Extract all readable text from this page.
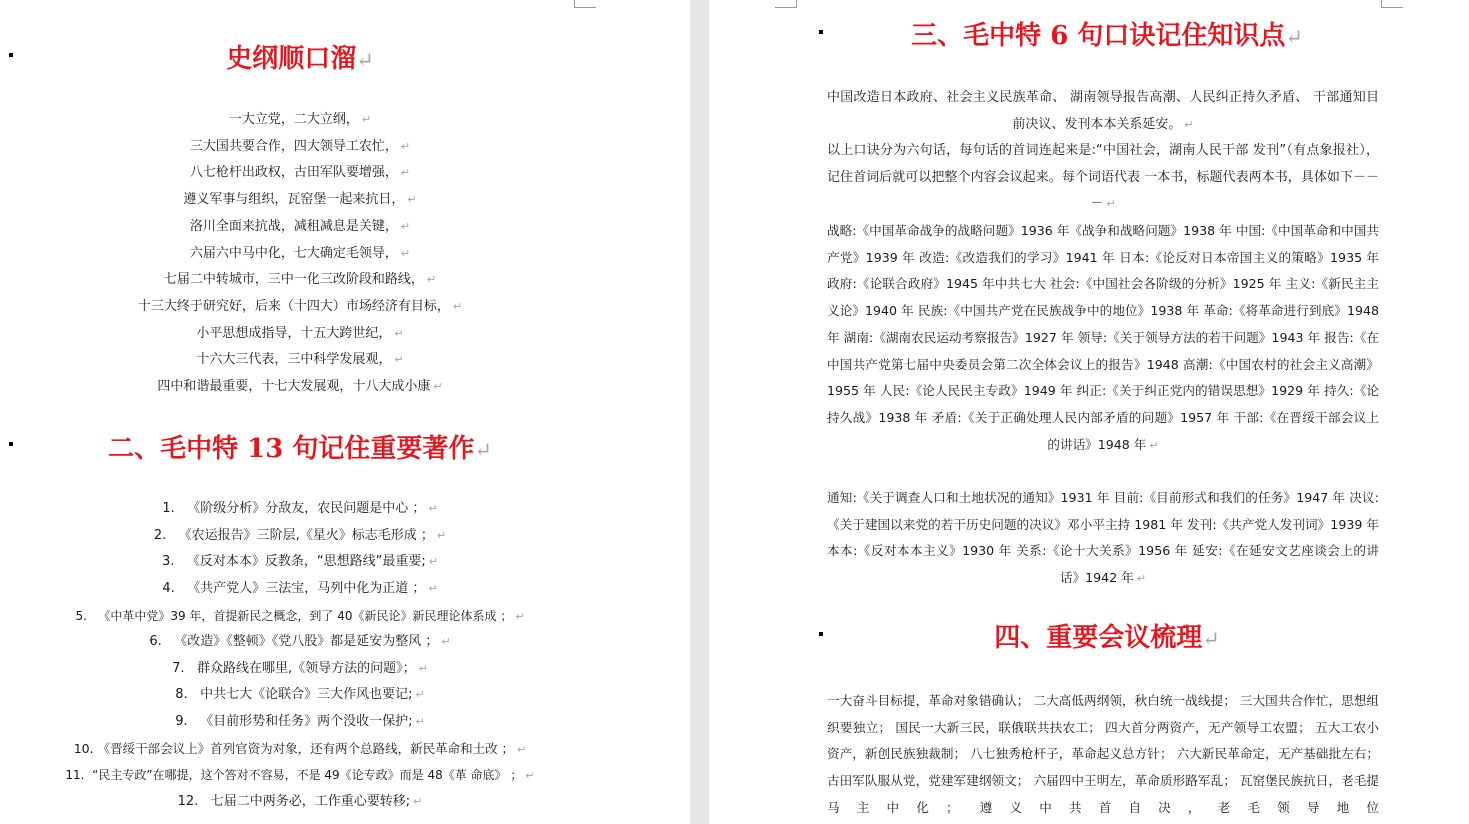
史纲顺口溜↵

一大立党，二大立纲， ↵

三大国共要合作，四大领导工农忙， ↵

八七枪杆出政权，古田军队要增强， ↵

遵义军事与组织，瓦窑堡一起来抗日， ↵

洛川全面来抗战，减租减息是关键， ↵

六届六中马中化，七大确定毛领导， ↵

七届二中转城市，三中一化三改阶段和路线， ↵

十三大终于研究好，后来（十四大）市场经济有目标， ↵

小平思想成指导，十五大跨世纪， ↵

十六大三代表，三中科学发展观， ↵

四中和谐最重要，十七大发展观，十八大成小康 ↵

二、毛中特 13 句记住重要著作↵

1. 《阶级分析》分敌友，农民问题是中心 ； ↵

2. 《农运报告》三阶层,《星火》标志毛形成 ； ↵

3. 《反对本本》反教条，“思想路线”最重要; ↵

4. 《共产党人》三法宝，马列中化为正道 ； ↵

5. 《中革中党》39 年，首提新民之概念，到了 40《新民论》新民理论体系成 ； ↵

6. 《改造》《整顿》《党八股》都是延安为整风 ； ↵

7. 群众路线在哪里,《领导方法的问题》； ↵

8. 中共七大《论联合》三大作风也要记; ↵

9. 《目前形势和任务》两个没收一保护; ↵

10. 《晋绥干部会议上》首列官资为对象，还有两个总路线，新民革命和土改 ； ↵

11. “民主专政”在哪提，这个答对不容易，不是 49《论专政》而是 48《革 命底》 ； ↵

12. 七届二中两务必，工作重心要转移; ↵

三、毛中特 6 句口诀记住知识点↵

中国改造日本政府、社会主义民族革命、 湖南领导报告高潮、人民纠正持久矛盾、 干部通知目前决议、发刊本本关系延安。 ↵

以上口诀分为六句话，每句话的首词连起来是:“中国社会，湖南人民干部 发刊”（有点象报社），记住首词后就可以把整个内容会议起来。每个词语代表 一本书，标题代表两本书，具体如下－－－ ↵

战略:《中国革命战争的战略问题》1936 年《战争和战略问题》1938 年 中国:《中国革命和中国共产党》1939 年 改造:《改造我们的学习》1941 年 日本:《论反对日本帝国主义的策略》1935 年 政府:《论联合政府》1945 年中共七大 社会:《中国社会各阶级的分析》1925 年 主义:《新民主主义论》1940 年 民族:《中国共产党在民族战争中的地位》1938 年 革命:《将革命进行到底》1948 年 湖南:《湖南农民运动考察报告》1927 年 领导:《关于领导方法的若干问题》1943 年 报告:《在中国共产党第七届中央委员会第二次全体会议上的报告》1948 高潮:《中国农村的社会主义高潮》1955 年 人民:《论人民民主专政》1949 年 纠正:《关于纠正党内的错误思想》1929 年 持久:《论持久战》1938 年 矛盾:《关于正确处理人民内部矛盾的问题》1957 年 干部:《在晋绥干部会议上的讲话》1948 年 ↵

通知:《关于调查人口和土地状况的通知》1931 年 目前:《目前形式和我们的任务》1947 年 决议:《关于建国以来党的若干历史问题的决议》邓小平主持 1981 年 发刊:《共产党人发刊词》1939 年 本本:《反对本本主义》1930 年 关系:《论十大关系》1956 年 延安:《在延安文艺座谈会上的讲话》1942 年 ↵

四、重要会议梳理↵

一大奋斗目标提，革命对象错确认； 二大高低两纲领，秋白统一战线提； 三大国共合作忙，思想组织要独立； 国民一大新三民，联俄联共扶农工； 四大首分两资产，无产领导工农盟； 五大工农小资产，新创民族独裁制； 八七独秀枪杆子，革命起义总方针； 六大新民革命定，无产基础批左右； 古田军队服从党，党建军建纲领文； 六届四中王明左，革命质形路军乱； 瓦窑堡民族抗日，老毛提马主中化； 遵义中共首自决，老毛领导地位
